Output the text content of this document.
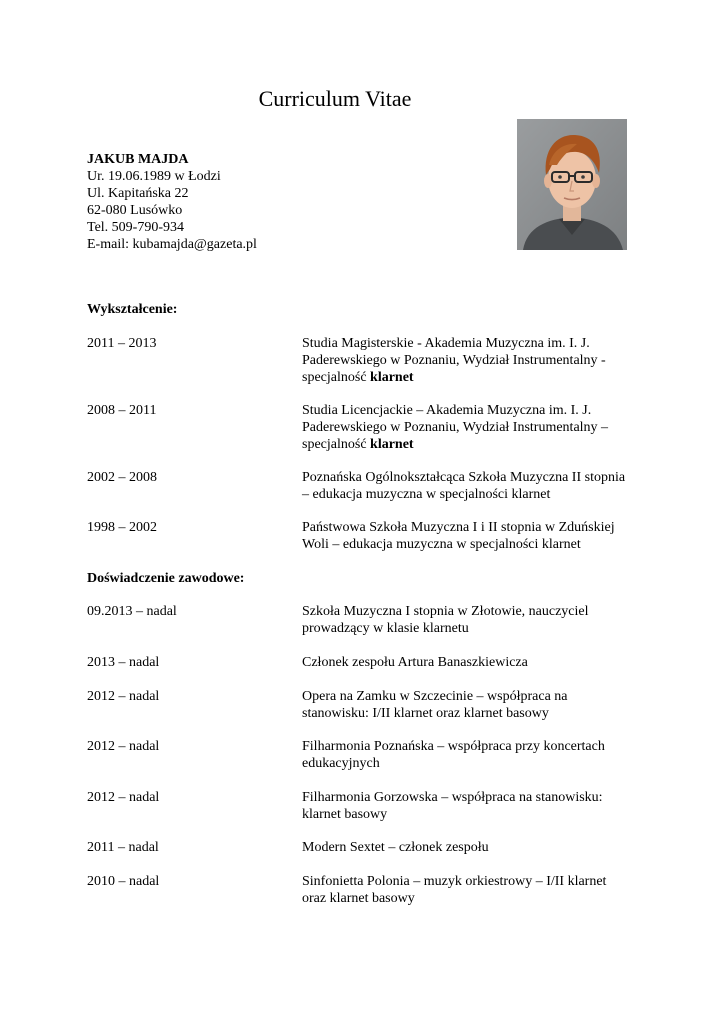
Curriculum Vitae
JAKUB MAJDA
Ur. 19.06.1989 w Łodzi
Ul. Kapitańska 22
62-080 Lusówko
Tel. 509-790-934
E-mail: kubamajda@gazeta.pl
Wykształcenie:
2011 – 2013	Studia Magisterskie - Akademia Muzyczna im. I. J. Paderewskiego w Poznaniu, Wydział Instrumentalny - specjalność klarnet
2008 – 2011	Studia Licencjackie – Akademia Muzyczna im. I. J. Paderewskiego w Poznaniu, Wydział Instrumentalny – specjalność klarnet
2002 – 2008	Poznańska Ogólnokształcąca Szkoła Muzyczna II stopnia – edukacja muzyczna w specjalności klarnet
1998 – 2002	Państwowa Szkoła Muzyczna I i II stopnia w Zduńskiej Woli – edukacja muzyczna w specjalności klarnet
Doświadczenie zawodowe:
09.2013 – nadal	Szkoła Muzyczna I stopnia w Złotowie, nauczyciel prowadzący w klasie klarnetu
2013 – nadal	Członek zespołu Artura Banaszkiewicza
2012 – nadal	Opera na Zamku w Szczecinie – współpraca na stanowisku: I/II klarnet oraz klarnet basowy
2012 – nadal	Filharmonia Poznańska – współpraca przy koncertach edukacyjnych
2012 – nadal	Filharmonia Gorzowska – współpraca na stanowisku: klarnet basowy
2011 – nadal	Modern Sextet – członek zespołu
2010 – nadal	Sinfonietta Polonia – muzyk orkiestrowy – I/II klarnet oraz klarnet basowy
